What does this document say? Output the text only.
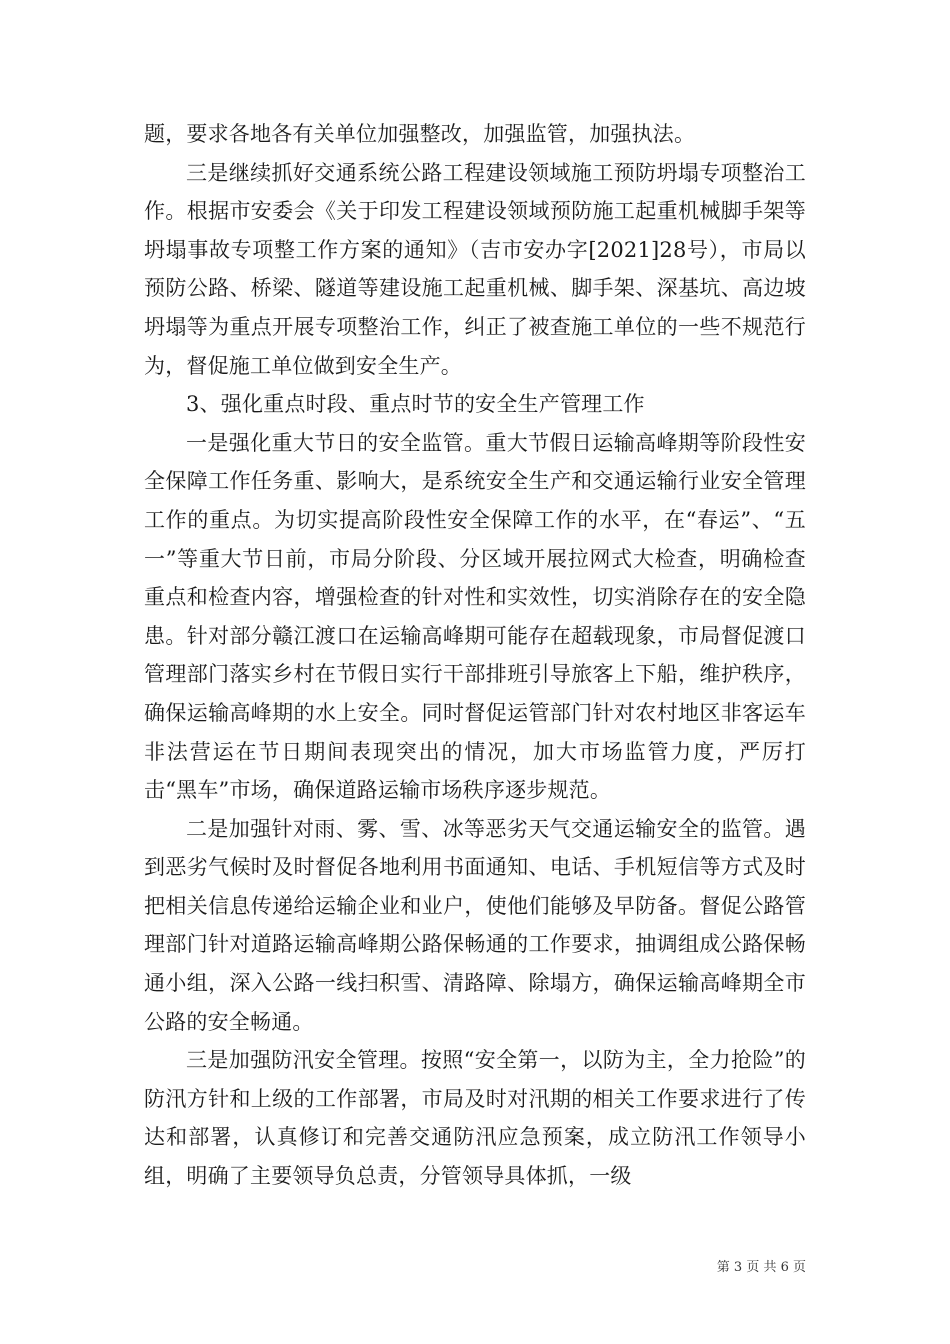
题，要求各地各有关单位加强整改，加强监管，加强执法。

三是继续抓好交通系统公路工程建设领域施工预防坍塌专项整治工作。根据市安委会《关于印发工程建设领域预防施工起重机械脚手架等坍塌事故专项整工作方案的通知》（吉市安办字[2021]28号），市局以预防公路、桥梁、隧道等建设施工起重机械、脚手架、深基坑、高边坡坍塌等为重点开展专项整治工作，纠正了被查施工单位的一些不规范行为，督促施工单位做到安全生产。

3、强化重点时段、重点时节的安全生产管理工作

一是强化重大节日的安全监管。重大节假日运输高峰期等阶段性安全保障工作任务重、影响大，是系统安全生产和交通运输行业安全管理工作的重点。为切实提高阶段性安全保障工作的水平，在“春运”、“五一”等重大节日前，市局分阶段、分区域开展拉网式大检查，明确检查重点和检查内容，增强检查的针对性和实效性，切实消除存在的安全隐患。针对部分赣江渡口在运输高峰期可能存在超载现象，市局督促渡口管理部门落实乡村在节假日实行干部排班引导旅客上下船，维护秩序，确保运输高峰期的水上安全。同时督促运管部门针对农村地区非客运车非法营运在节日期间表现突出的情况，加大市场监管力度，严厉打击“黑车”市场，确保道路运输市场秩序逐步规范。

二是加强针对雨、雾、雪、冰等恶劣天气交通运输安全的监管。遇到恶劣气候时及时督促各地利用书面通知、电话、手机短信等方式及时把相关信息传递给运输企业和业户，使他们能够及早防备。督促公路管理部门针对道路运输高峰期公路保畅通的工作要求，抽调组成公路保畅通小组，深入公路一线扫积雪、清路障、除塌方，确保运输高峰期全市公路的安全畅通。

三是加强防汛安全管理。按照“安全第一，以防为主，全力抢险”的防汛方针和上级的工作部署，市局及时对汛期的相关工作要求进行了传达和部署，认真修订和完善交通防汛应急预案，成立防汛工作领导小组，明确了主要领导负总责，分管领导具体抓，一级

第 3 页 共 6 页
